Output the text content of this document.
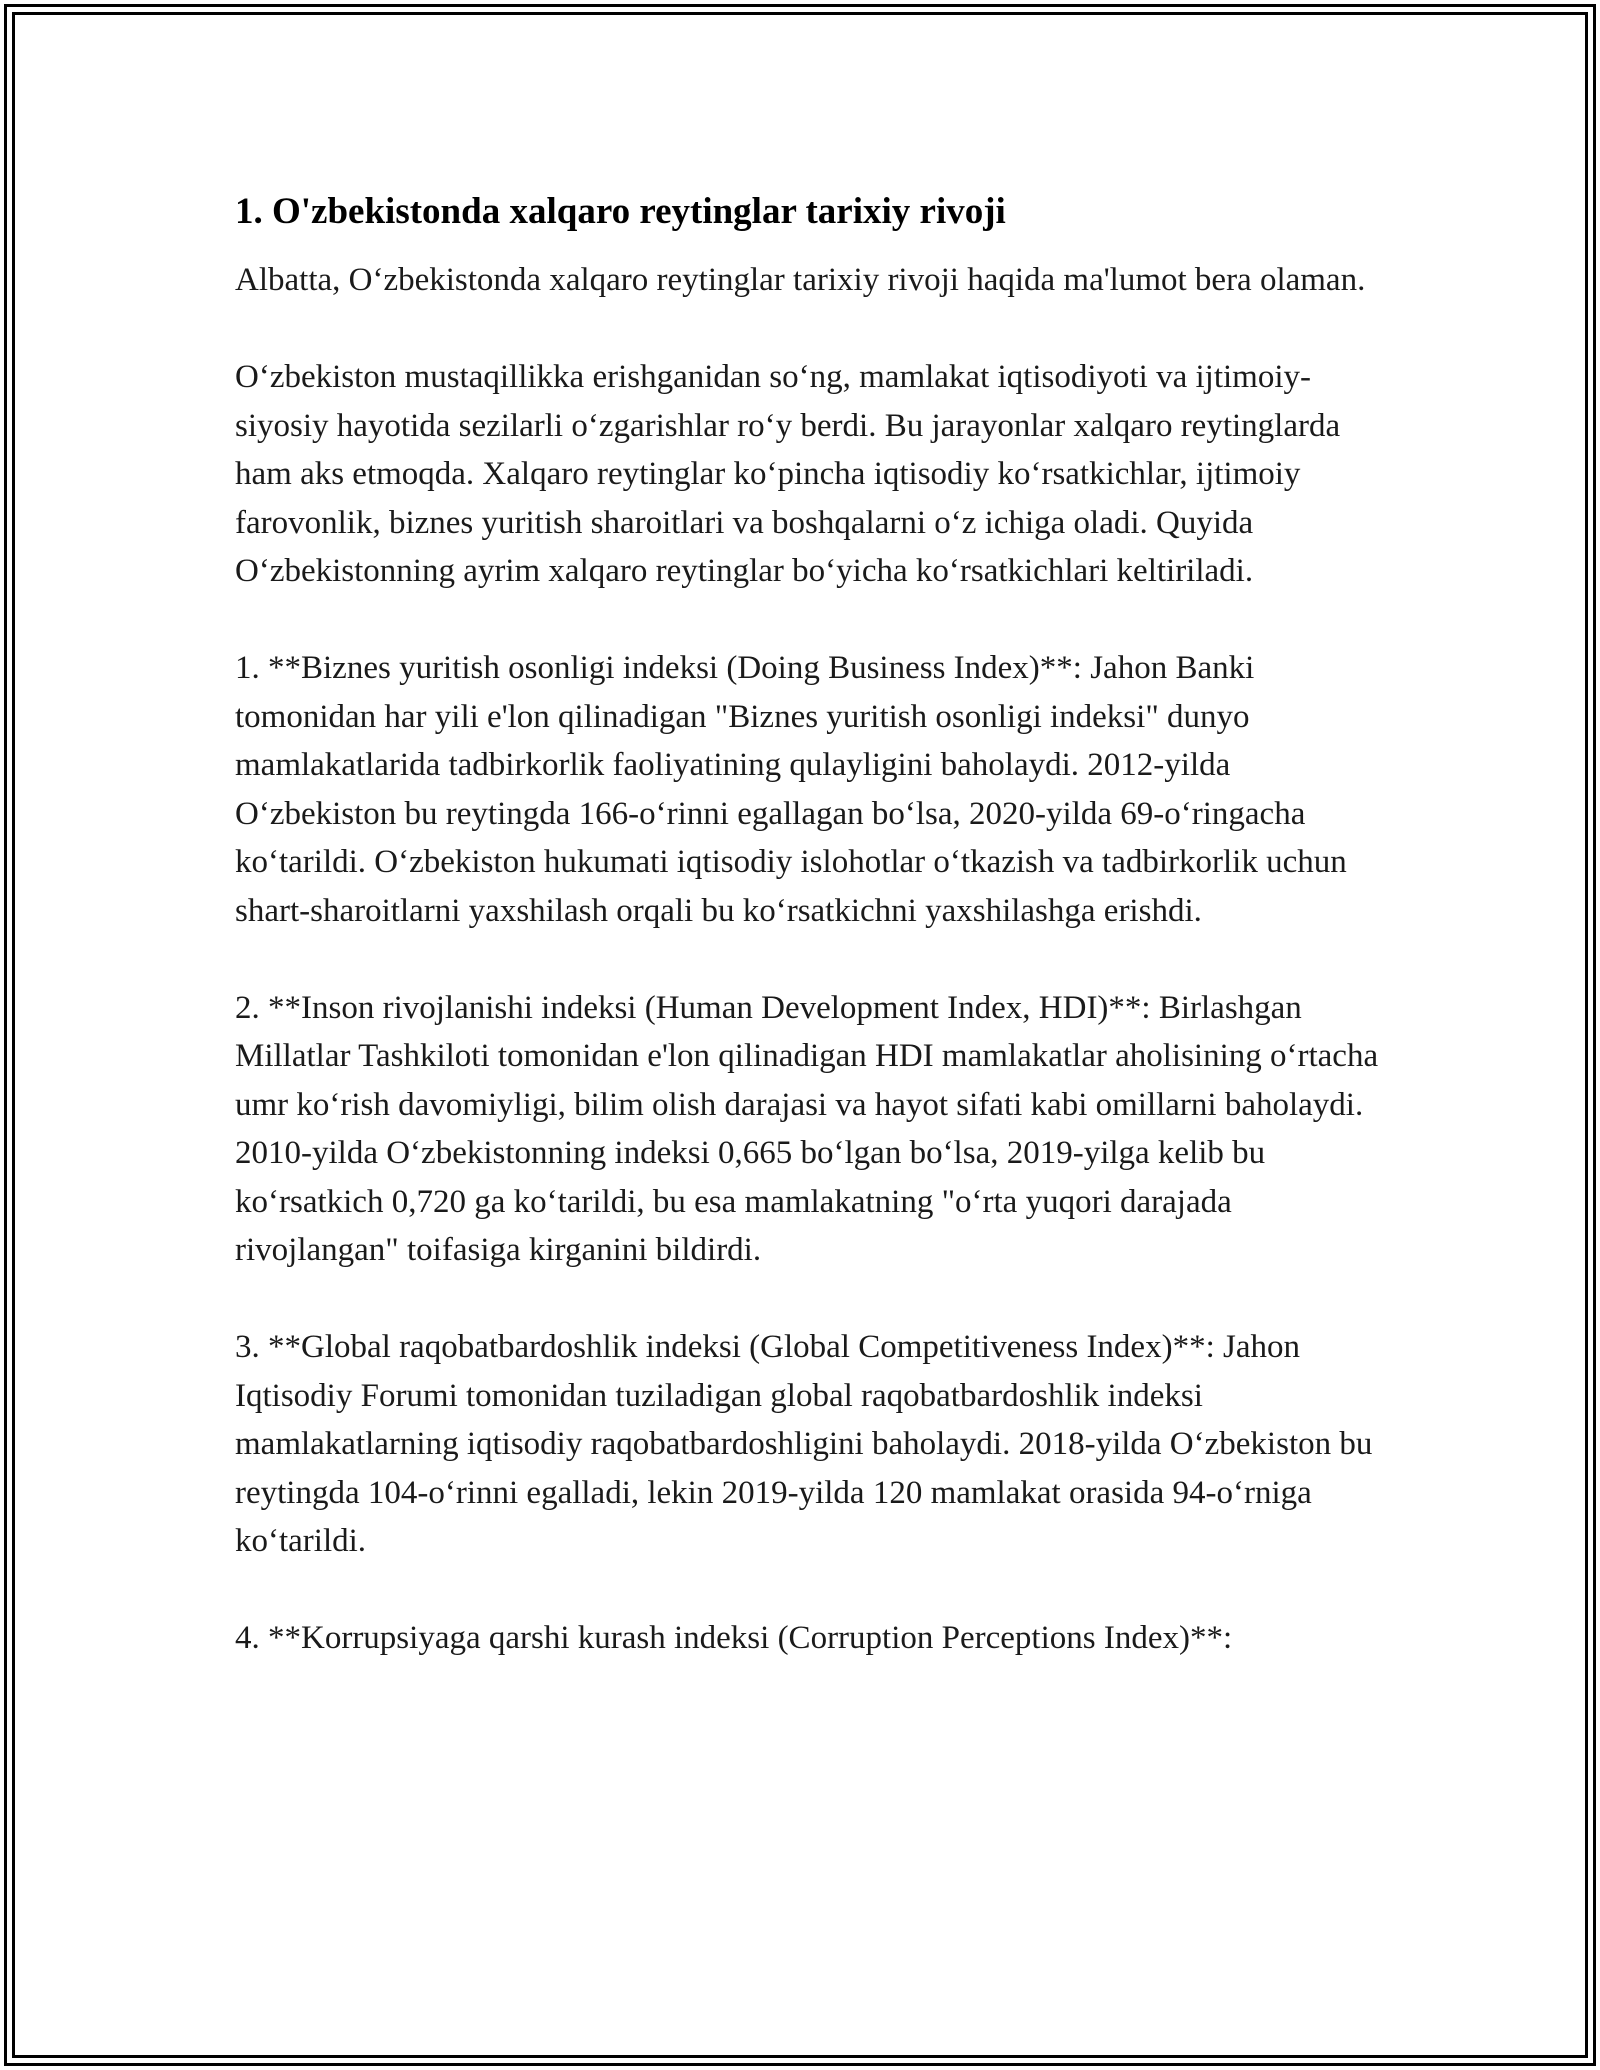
1. O'zbekistonda xalqaro reytinglar tarixiy rivoji

Albatta, O‘zbekistonda xalqaro reytinglar tarixiy rivoji haqida ma'lumot bera olaman.

O‘zbekiston mustaqillikka erishganidan so‘ng, mamlakat iqtisodiyoti va ijtimoiy-siyosiy hayotida sezilarli o‘zgarishlar ro‘y berdi. Bu jarayonlar xalqaro reytinglarda ham aks etmoqda. Xalqaro reytinglar ko‘pincha iqtisodiy ko‘rsatkichlar, ijtimoiy farovonlik, biznes yuritish sharoitlari va boshqalarni o‘z ichiga oladi. Quyida O‘zbekistonning ayrim xalqaro reytinglar bo‘yicha ko‘rsatkichlari keltiriladi.

1. **Biznes yuritish osonligi indeksi (Doing Business Index)**: Jahon Banki tomonidan har yili e'lon qilinadigan "Biznes yuritish osonligi indeksi" dunyo mamlakatlarida tadbirkorlik faoliyatining qulayligini baholaydi. 2012-yilda O‘zbekiston bu reytingda 166-o‘rinni egallagan bo‘lsa, 2020-yilda 69-o‘ringacha ko‘tarildi. O‘zbekiston hukumati iqtisodiy islohotlar o‘tkazish va tadbirkorlik uchun shart-sharoitlarni yaxshilash orqali bu ko‘rsatkichni yaxshilashga erishdi.

2. **Inson rivojlanishi indeksi (Human Development Index, HDI)**: Birlashgan Millatlar Tashkiloti tomonidan e'lon qilinadigan HDI mamlakatlar aholisining o‘rtacha umr ko‘rish davomiyligi, bilim olish darajasi va hayot sifati kabi omillarni baholaydi. 2010-yilda O‘zbekistonning indeksi 0,665 bo‘lgan bo‘lsa, 2019-yilga kelib bu ko‘rsatkich 0,720 ga ko‘tarildi, bu esa mamlakatning "o‘rta yuqori darajada rivojlangan" toifasiga kirganini bildirdi.

3. **Global raqobatbardoshlik indeksi (Global Competitiveness Index)**: Jahon Iqtisodiy Forumi tomonidan tuziladigan global raqobatbardoshlik indeksi mamlakatlarning iqtisodiy raqobatbardoshligini baholaydi. 2018-yilda O‘zbekiston bu reytingda 104-o‘rinni egalladi, lekin 2019-yilda 120 mamlakat orasida 94-o‘rniga ko‘tarildi.

4. **Korrupsiyaga qarshi kurash indeksi (Corruption Perceptions Index)**:
